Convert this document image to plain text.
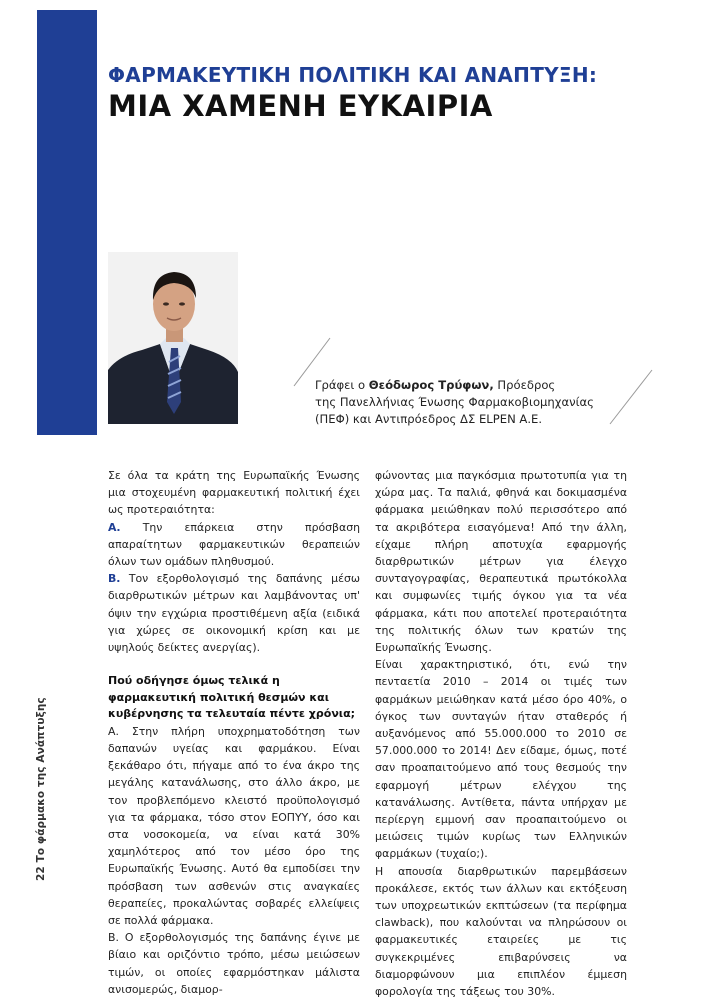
22 Το φάρμακο της Ανάπτυξης
ΦΑΡΜΑΚΕΥΤΙΚΗ ΠΟΛΙΤΙΚΗ ΚΑΙ ΑΝΑΠΤΥΞΗ:
ΜΙΑ ΧΑΜΕΝΗ ΕΥΚΑΙΡΙΑ
Γράφει ο Θεόδωρος Τρύφων, Πρόεδρος
της Πανελλήνιας Ένωσης Φαρμακοβιομηχανίας
(ΠΕΦ) και Αντιπρόεδρος ΔΣ ELPEN Α.Ε.

Σε όλα τα κράτη της Ευρωπαϊκής Ένωσης μια στοχευμένη φαρμακευτική πολιτική έχει ως προτεραιότητα:

Α. Την επάρκεια στην πρόσβαση απαραίτητων φαρμακευτικών θεραπειών όλων των ομάδων πληθυσμού.

Β. Τον εξορθολογισμό της δαπάνης μέσω διαρθρωτικών μέτρων και λαμβάνοντας υπ' όψιν την εγχώρια προστιθέμενη αξία (ειδικά για χώρες σε οικονομική κρίση και με υψηλούς δείκτες ανεργίας).

Πού οδήγησε όμως τελικά η φαρμακευτική πολιτική θεσμών και κυβέρνησης τα τελευταία πέντε χρόνια;

Α. Στην πλήρη υποχρηματοδότηση των δαπανών υγείας και φαρμάκου. Είναι ξεκάθαρο ότι, πήγαμε από το ένα άκρο της μεγάλης κατανάλωσης, στο άλλο άκρο, με τον προβλεπόμενο κλειστό προϋπολογισμό για τα φάρμακα, τόσο στον ΕΟΠΥΥ, όσο και στα νοσοκομεία, να είναι κατά 30% χαμηλότερος από τον μέσο όρο της Ευρωπαϊκής Ένωσης. Αυτό θα εμποδίσει την πρόσβαση των ασθενών στις αναγκαίες θεραπείες, προκαλώντας σοβαρές ελλείψεις σε πολλά φάρμακα.

Β. Ο εξορθολογισμός της δαπάνης έγινε με βίαιο και οριζόντιο τρόπο, μέσω μειώσεων τιμών, οι οποίες εφαρμόστηκαν μάλιστα ανισομερώς, διαμορ-

φώνοντας μια παγκόσμια πρωτοτυπία για τη χώρα μας. Τα παλιά, φθηνά και δοκιμασμένα φάρμακα μειώθηκαν πολύ περισσότερο από τα ακριβότερα εισαγόμενα! Από την άλλη, είχαμε πλήρη αποτυχία εφαρμογής διαρθρωτικών μέτρων για έλεγχο συνταγογραφίας, θεραπευτικά πρωτόκολλα και συμφωνίες τιμής όγκου για τα νέα φάρμακα, κάτι που αποτελεί προτεραιότητα της πολιτικής όλων των κρατών της Ευρωπαϊκής Ένωσης.

Είναι χαρακτηριστικό, ότι, ενώ την πενταετία 2010 – 2014 οι τιμές των φαρμάκων μειώθηκαν κατά μέσο όρο 40%, ο όγκος των συνταγών ήταν σταθερός ή αυξανόμενος από 55.000.000 το 2010 σε 57.000.000 το 2014! Δεν είδαμε, όμως, ποτέ σαν προαπαιτούμενο από τους θεσμούς την εφαρμογή μέτρων ελέγχου της κατανάλωσης. Αντίθετα, πάντα υπήρχαν με περίεργη εμμονή σαν προαπαιτούμενο οι μειώσεις τιμών κυρίως των Ελληνικών φαρμάκων (τυχαίο;).

Η απουσία διαρθρωτικών παρεμβάσεων προκάλεσε, εκτός των άλλων και εκτόξευση των υποχρεωτικών εκπτώσεων (τα περίφημα clawback), που καλούνται να πληρώσουν οι φαρμακευτικές εταιρείες με τις συγκεκριμένες επιβαρύνσεις να διαμορφώνουν μια επιπλέον έμμεση φορολογία της τάξεως του 30%.
